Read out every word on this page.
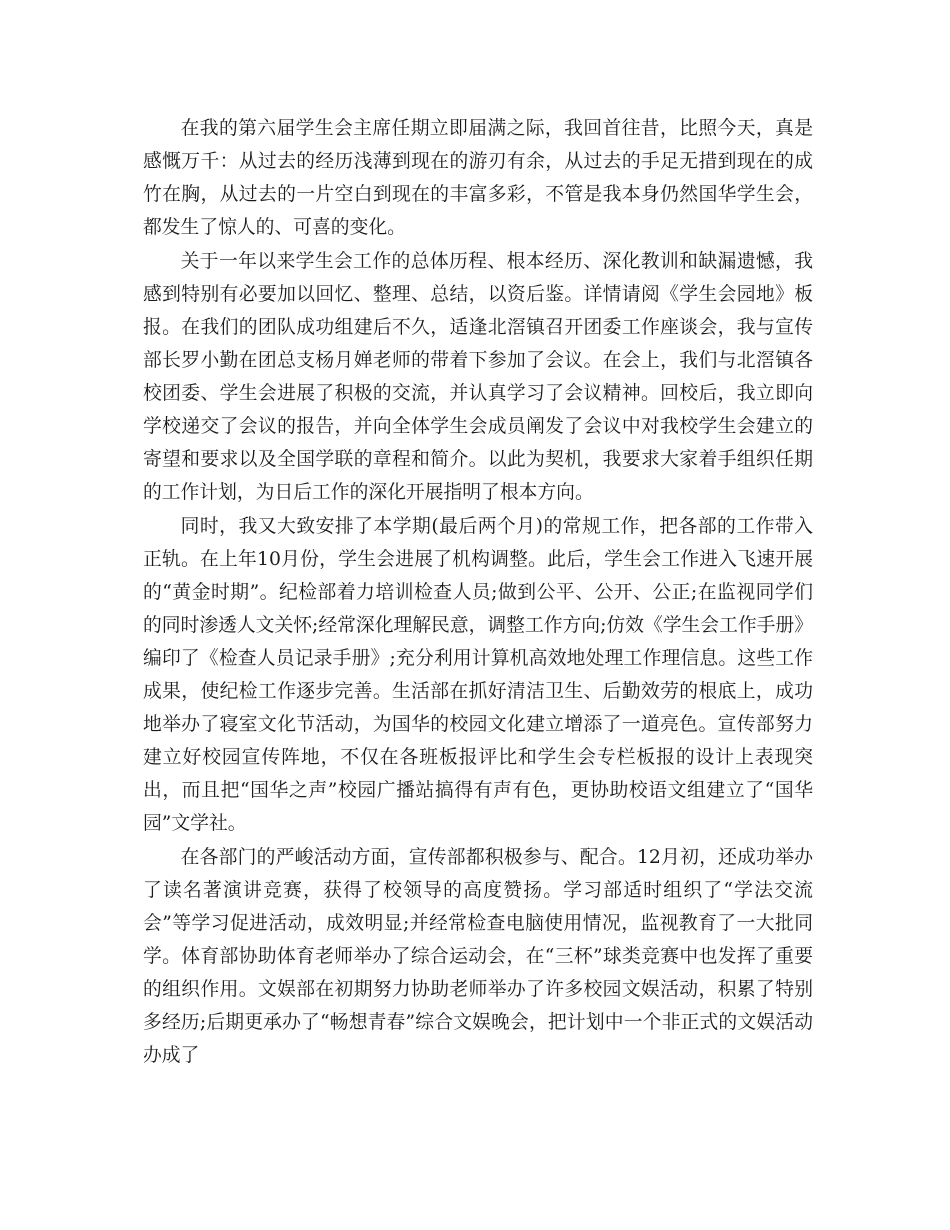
在我的第六届学生会主席任期立即届满之际，我回首往昔，比照今天，真是感慨万千：从过去的经历浅薄到现在的游刃有余，从过去的手足无措到现在的成竹在胸，从过去的一片空白到现在的丰富多彩，不管是我本身仍然国华学生会，都发生了惊人的、可喜的变化。

关于一年以来学生会工作的总体历程、根本经历、深化教训和缺漏遗憾，我感到特别有必要加以回忆、整理、总结，以资后鉴。详情请阅《学生会园地》板报。在我们的团队成功组建后不久，适逢北滘镇召开团委工作座谈会，我与宣传部长罗小勤在团总支杨月婵老师的带着下参加了会议。在会上，我们与北滘镇各校团委、学生会进展了积极的交流，并认真学习了会议精神。回校后，我立即向学校递交了会议的报告，并向全体学生会成员阐发了会议中对我校学生会建立的寄望和要求以及全国学联的章程和简介。以此为契机，我要求大家着手组织任期的工作计划，为日后工作的深化开展指明了根本方向。

同时，我又大致安排了本学期(最后两个月)的常规工作，把各部的工作带入正轨。在上年10月份，学生会进展了机构调整。此后，学生会工作进入飞速开展的“黄金时期”。纪检部着力培训检查人员;做到公平、公开、公正;在监视同学们的同时渗透人文关怀;经常深化理解民意，调整工作方向;仿效《学生会工作手册》编印了《检查人员记录手册》;充分利用计算机高效地处理工作理信息。这些工作成果，使纪检工作逐步完善。生活部在抓好清洁卫生、后勤效劳的根底上，成功地举办了寝室文化节活动，为国华的校园文化建立增添了一道亮色。宣传部努力建立好校园宣传阵地，不仅在各班板报评比和学生会专栏板报的设计上表现突出，而且把“国华之声”校园广播站搞得有声有色，更协助校语文组建立了“国华园”文学社。

在各部门的严峻活动方面，宣传部都积极参与、配合。12月初，还成功举办了读名著演讲竞赛，获得了校领导的高度赞扬。学习部适时组织了“学法交流会”等学习促进活动，成效明显;并经常检查电脑使用情况，监视教育了一大批同学。体育部协助体育老师举办了综合运动会，在“三杯”球类竞赛中也发挥了重要的组织作用。文娱部在初期努力协助老师举办了许多校园文娱活动，积累了特别多经历;后期更承办了“畅想青春”综合文娱晚会，把计划中一个非正式的文娱活动办成了
